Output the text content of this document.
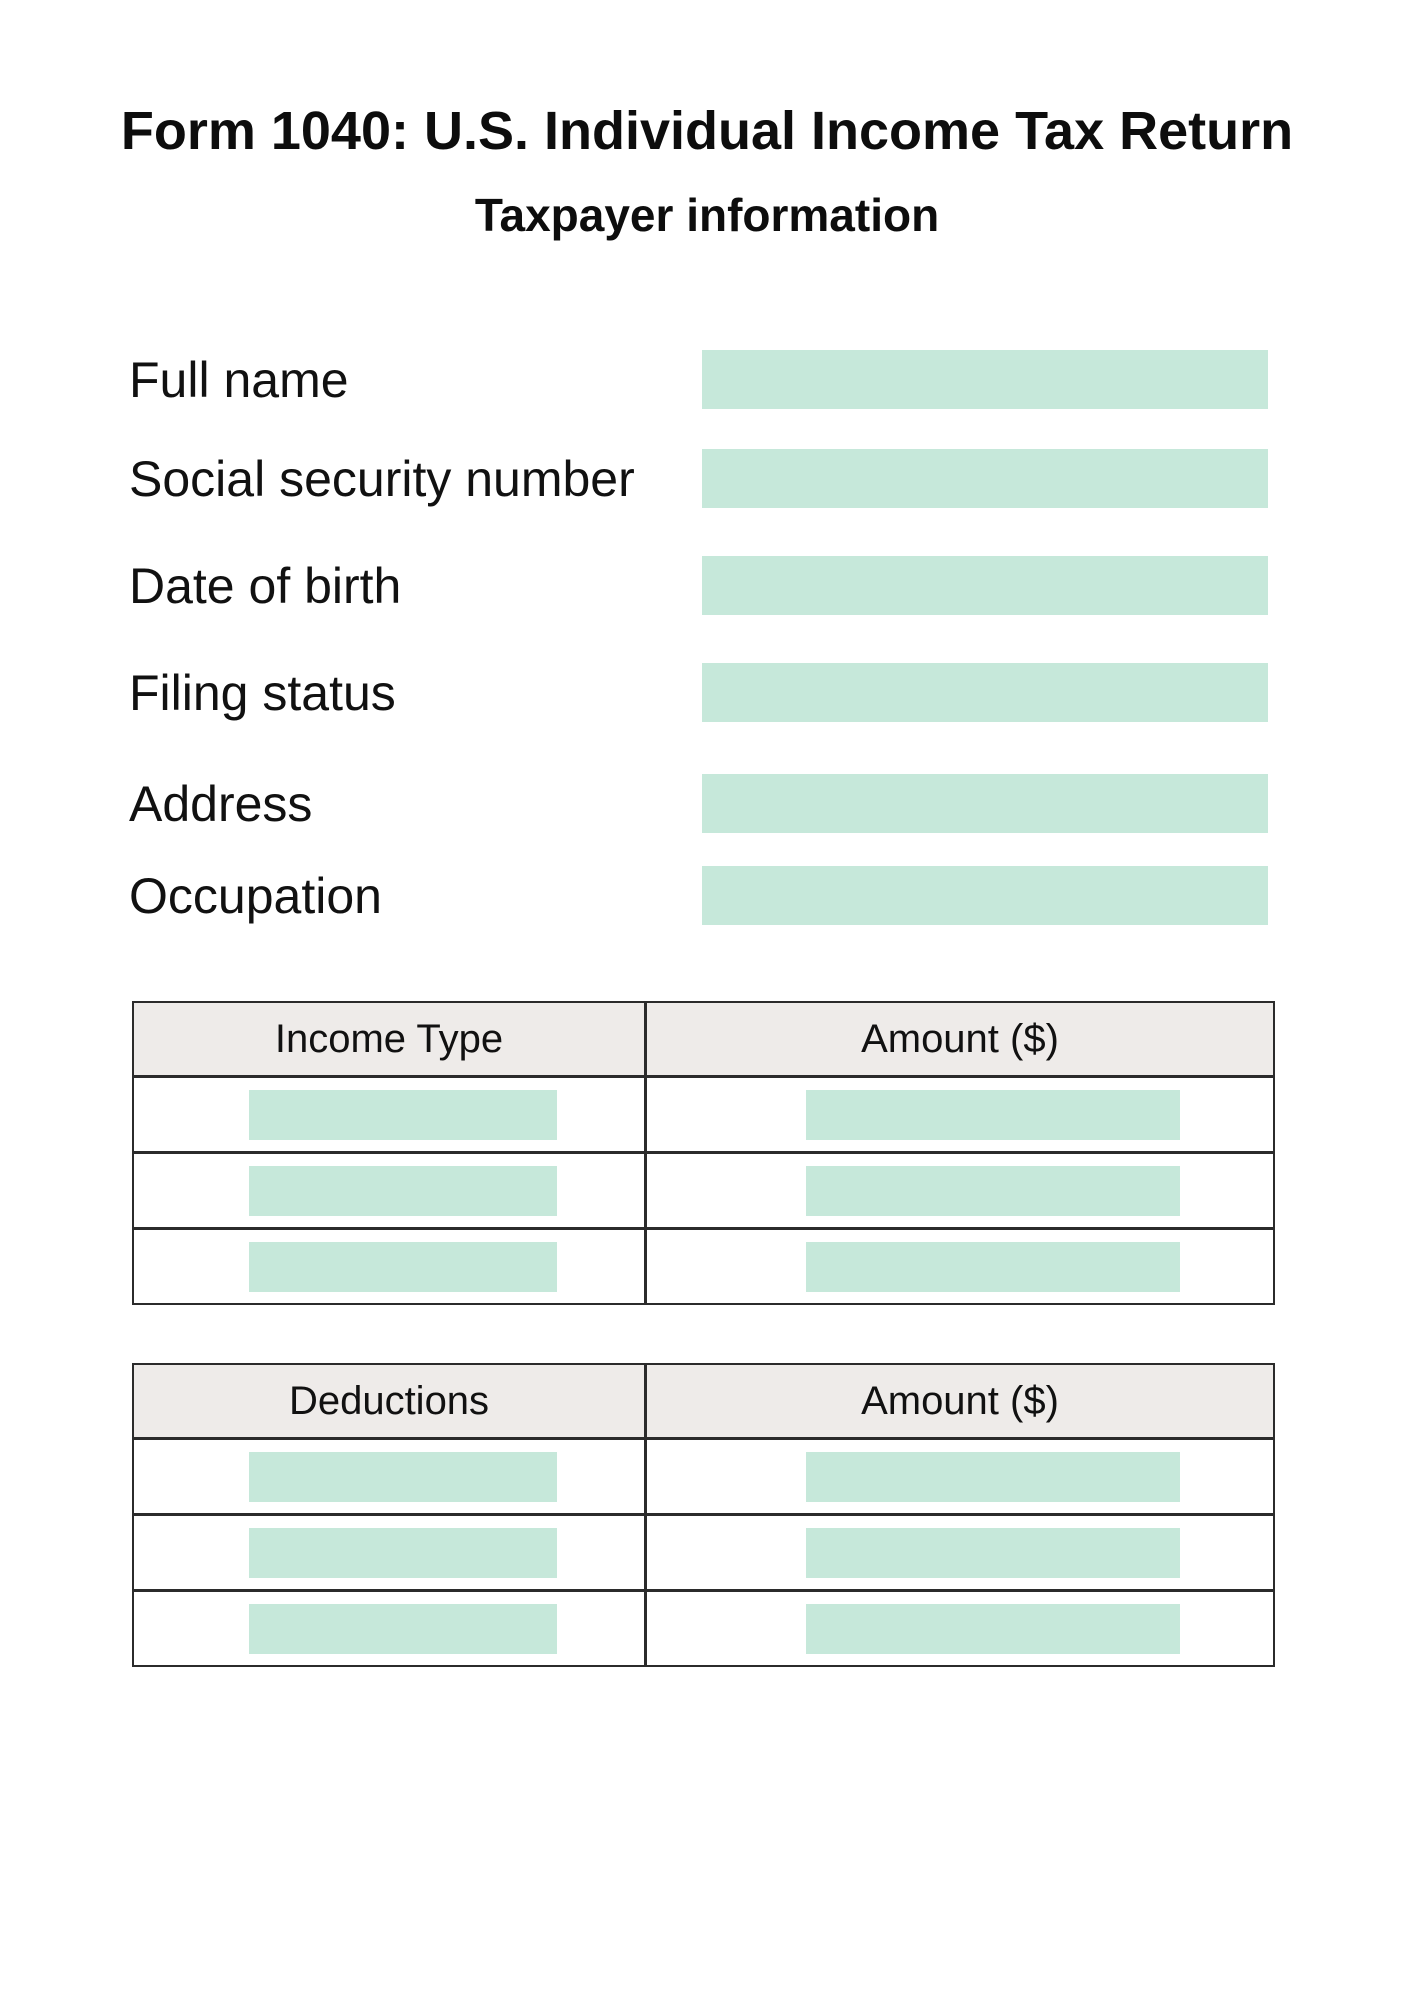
Form 1040: U.S. Individual Income Tax Return
Taxpayer information
Full name
Social security number
Date of birth
Filing status
Address
Occupation
Income Type	Amount ($)
Deductions	Amount ($)
